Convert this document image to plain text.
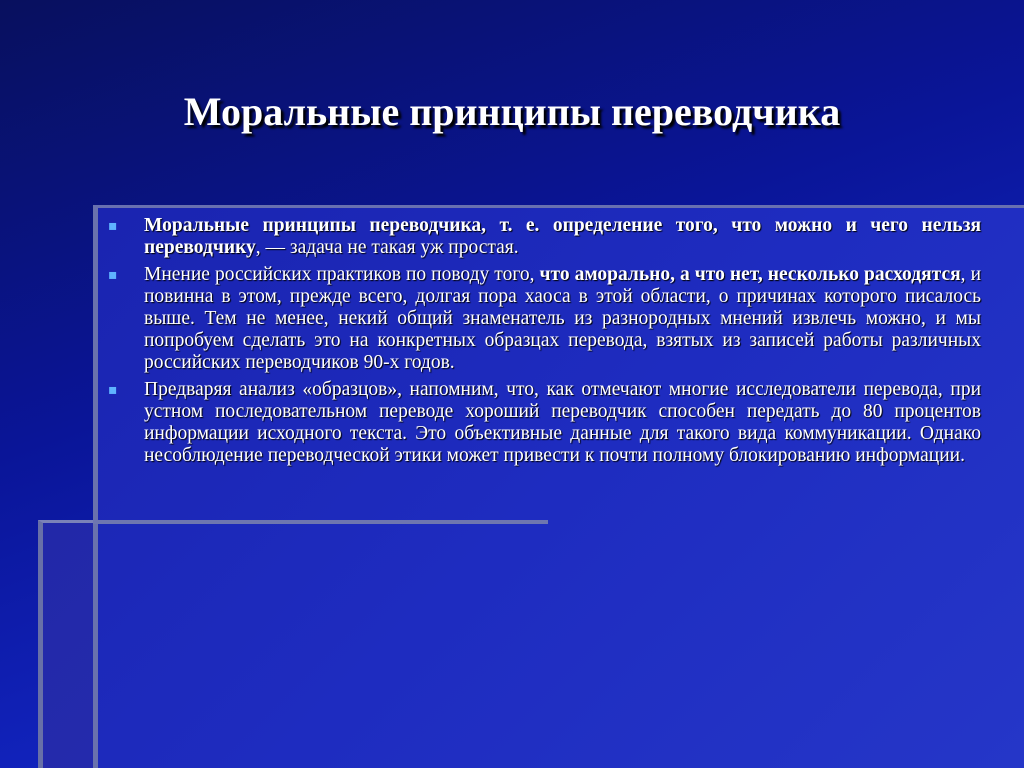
Моральные принципы переводчика
▪ Моральные принципы переводчика, т. е. определение того, что можно и чего нельзя переводчику, — задача не такая уж простая.
▪ Мнение российских практиков по поводу того, что аморально, а что нет, несколько расходятся, и повинна в этом, прежде всего, долгая пора хаоса в этой области, о причинах которого писалось выше. Тем не менее, некий общий знаменатель из разнородных мнений извлечь можно, и мы попробуем сделать это на конкретных образцах перевода, взятых из записей работы различных российских переводчиков 90-х годов.
▪ Предваряя анализ «образцов», напомним, что, как отмечают многие исследователи перевода, при устном последовательном переводе хороший переводчик способен передать до 80 процентов информации исходного текста. Это объективные данные для такого вида коммуникации. Однако несоблюдение переводческой этики может привести к почти полному блокированию информации.
